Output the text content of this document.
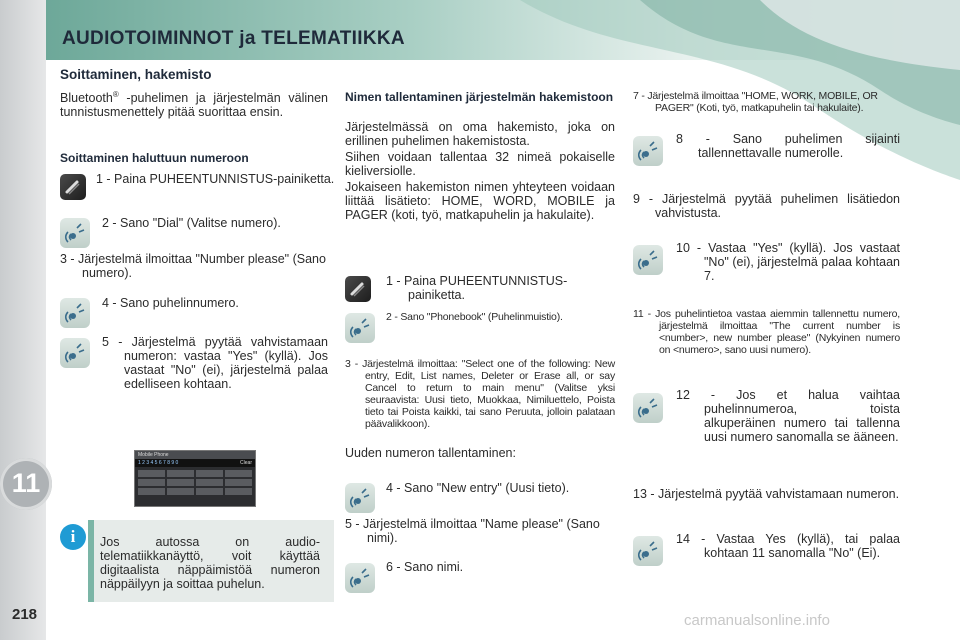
AUDIOTOIMINNOT ja TELEMATIIKKA
11
218	carmanualsonline.info
Soittaminen, hakemisto
Bluetooth® -puhelimen ja järjestelmän välinen tunnistusmenettely pitää suorittaa ensin.
Soittaminen haluttuun numeroon
1 - Paina PUHEENTUNNISTUS-painiketta.
2 - Sano "Dial" (Valitse numero).
3 - Järjestelmä ilmoittaa "Number please" (Sano numero).
4 - Sano puhelinnumero.
5 - Järjestelmä pyytää vahvistamaan numeron: vastaa "Yes" (kyllä). Jos vastaat "No" (ei), järjestelmä palaa edelliseen kohtaan.
Mobile Phone
1 2 3 4 5 6 7 8 9 0	Clear
i	Jos autossa on audio-telematiikkanäyttö, voit käyttää digitaalista näppäimistöä numeron näppäilyyn ja soittaa puhelun.
Nimen tallentaminen järjestelmän hakemistoon
Järjestelmässä on oma hakemisto, joka on erillinen puhelimen hakemistosta.
Siihen voidaan tallentaa 32 nimeä pokaiselle kieliversiolle.
Jokaiseen hakemiston nimen yhteyteen voidaan liittää lisätieto: HOME, WORD, MOBILE ja PAGER (koti, työ, matkapuhelin ja hakulaite).
1 - Paina PUHEENTUNNISTUS-painiketta.
2 - Sano "Phonebook" (Puhelinmuistio).
3 - Järjestelmä ilmoittaa: "Select one of the following: New entry, Edit, List names, Deleter or Erase all, or say Cancel to return to main menu" (Valitse yksi seuraavista: Uusi tieto, Muokkaa, Nimiluettelo, Poista tieto tai Poista kaikki, tai sano Peruuta, jolloin palataan päävalikkoon).
Uuden numeron tallentaminen:
4 - Sano "New entry" (Uusi tieto).
5 - Järjestelmä ilmoittaa "Name please" (Sano nimi).
6 - Sano nimi.
7 - Järjestelmä ilmoittaa "HOME, WORK, MOBILE, OR PAGER" (Koti, työ, matkapuhelin tai hakulaite).
8 - Sano puhelimen sijainti tallennettavalle numerolle.
9 - Järjestelmä pyytää puhelimen lisätiedon vahvistusta.
10 - Vastaa "Yes" (kyllä). Jos vastaat "No" (ei), järjestelmä palaa kohtaan 7.
11 - Jos puhelintietoa vastaa aiemmin tallennettu numero, järjestelmä ilmoittaa "The current number is <number>, new number please" (Nykyinen numero on <numero>, sano uusi numero).
12 - Jos et halua vaihtaa puhelinnumeroa, toista alkuperäinen numero tai tallenna uusi numero sanomalla se ääneen.
13 - Järjestelmä pyytää vahvistamaan numeron.
14 - Vastaa Yes (kyllä), tai palaa kohtaan 11 sanomalla "No" (Ei).
